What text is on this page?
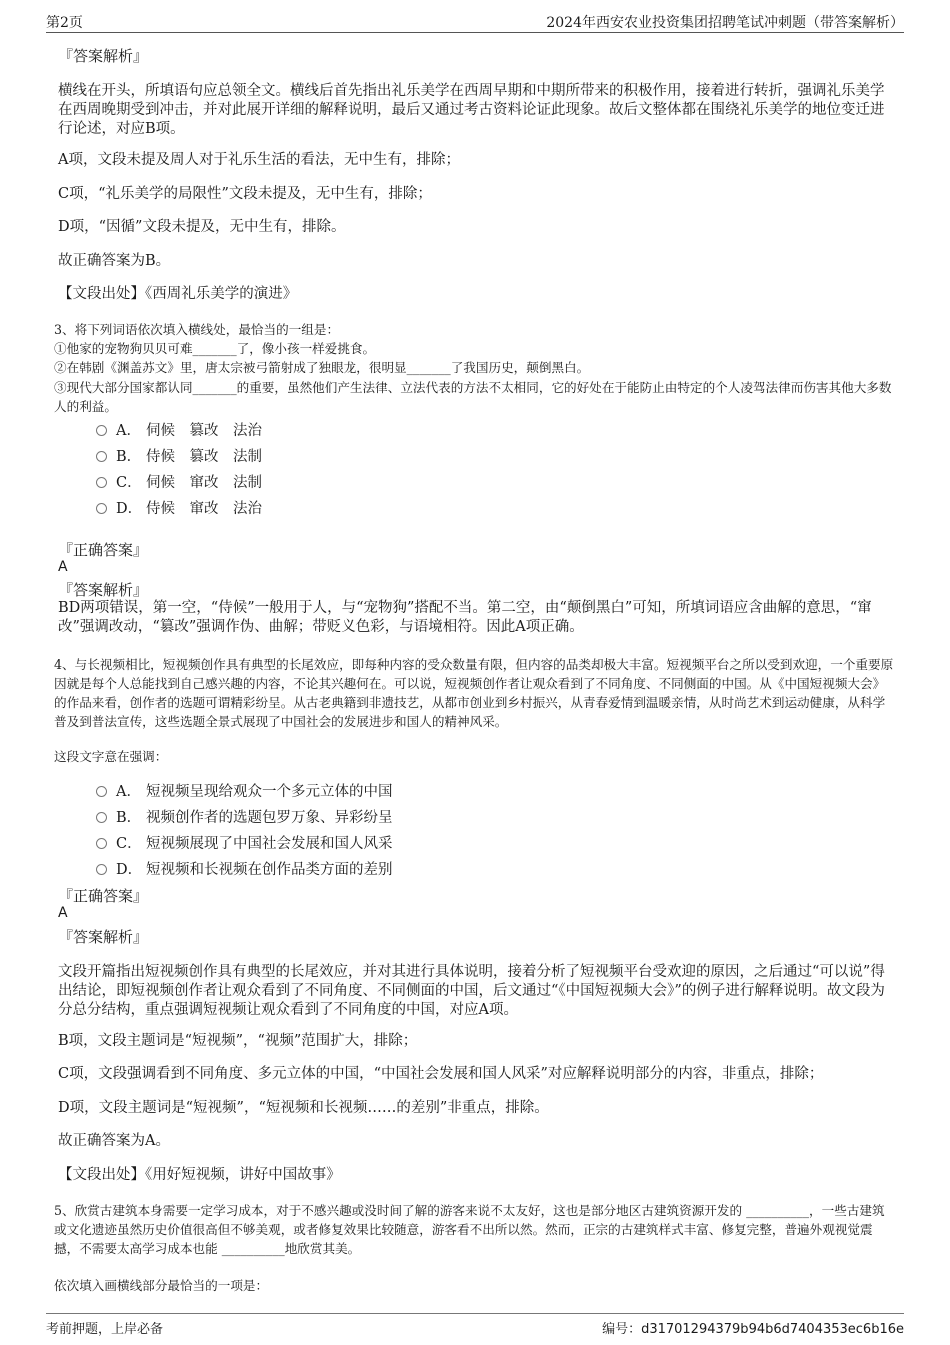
第2页	2024年西安农业投资集团招聘笔试冲刺题（带答案解析）
『答案解析』
横线在开头，所填语句应总领全文。横线后首先指出礼乐美学在西周早期和中期所带来的积极作用，接着进行转折，强调礼乐美学在西周晚期受到冲击，并对此展开详细的解释说明，最后又通过考古资料论证此现象。故后文整体都在围绕礼乐美学的地位变迁进行论述，对应B项。
A项，文段未提及周人对于礼乐生活的看法，无中生有，排除；
C项，“礼乐美学的局限性”文段未提及，无中生有，排除；
D项，“因循”文段未提及，无中生有，排除。
故正确答案为B。
【文段出处】《西周礼乐美学的演进》
3、将下列词语依次填入横线处，最恰当的一组是：
①他家的宠物狗贝贝可难_______了，像小孩一样爱挑食。
②在韩剧《渊盖苏文》里，唐太宗被弓箭射成了独眼龙，很明显_______了我国历史，颠倒黑白。
③现代大部分国家都认同_______的重要，虽然他们产生法律、立法代表的方法不太相同，它的好处在于能防止由特定的个人凌驾法律而伤害其他大多数人的利益。
A． 伺候　篡改　法治
B． 侍候　篡改　法制
C． 伺候　窜改　法制
D． 侍候　窜改　法治
『正确答案』
A
『答案解析』
BD两项错误，第一空，“侍候”一般用于人，与“宠物狗”搭配不当。第二空，由“颠倒黑白”可知，所填词语应含曲解的意思，“窜改”强调改动，“篡改”强调作伪、曲解；带贬义色彩，与语境相符。因此A项正确。
4、与长视频相比，短视频创作具有典型的长尾效应，即每种内容的受众数量有限，但内容的品类却极大丰富。短视频平台之所以受到欢迎，一个重要原因就是每个人总能找到自己感兴趣的内容，不论其兴趣何在。可以说，短视频创作者让观众看到了不同角度、不同侧面的中国。从《中国短视频大会》的作品来看，创作者的选题可谓精彩纷呈。从古老典籍到非遗技艺，从都市创业到乡村振兴，从青春爱情到温暖亲情，从时尚艺术到运动健康，从科学普及到普法宣传，这些选题全景式展现了中国社会的发展进步和国人的精神风采。
这段文字意在强调：
A． 短视频呈现给观众一个多元立体的中国
B． 视频创作者的选题包罗万象、异彩纷呈
C． 短视频展现了中国社会发展和国人风采
D． 短视频和长视频在创作品类方面的差别
『正确答案』
A
『答案解析』
文段开篇指出短视频创作具有典型的长尾效应，并对其进行具体说明，接着分析了短视频平台受欢迎的原因，之后通过“可以说”得出结论，即短视频创作者让观众看到了不同角度、不同侧面的中国，后文通过“《中国短视频大会》”的例子进行解释说明。故文段为分总分结构，重点强调短视频让观众看到了不同角度的中国，对应A项。
B项，文段主题词是“短视频”，“视频”范围扩大，排除；
C项，文段强调看到不同角度、多元立体的中国，“中国社会发展和国人风采”对应解释说明部分的内容，非重点，排除；
D项，文段主题词是“短视频”，“短视频和长视频……的差别”非重点，排除。
故正确答案为A。
【文段出处】《用好短视频，讲好中国故事》
5、欣赏古建筑本身需要一定学习成本，对于不感兴趣或没时间了解的游客来说不太友好，这也是部分地区古建筑资源开发的 __________，一些古建筑或文化遗迹虽然历史价值很高但不够美观，或者修复效果比较随意，游客看不出所以然。然而，正宗的古建筑样式丰富、修复完整，普遍外观视觉震撼，不需要太高学习成本也能 __________地欣赏其美。
依次填入画横线部分最恰当的一项是：
考前押题，上岸必备	编号：d31701294379b94b6d7404353ec6b16e
